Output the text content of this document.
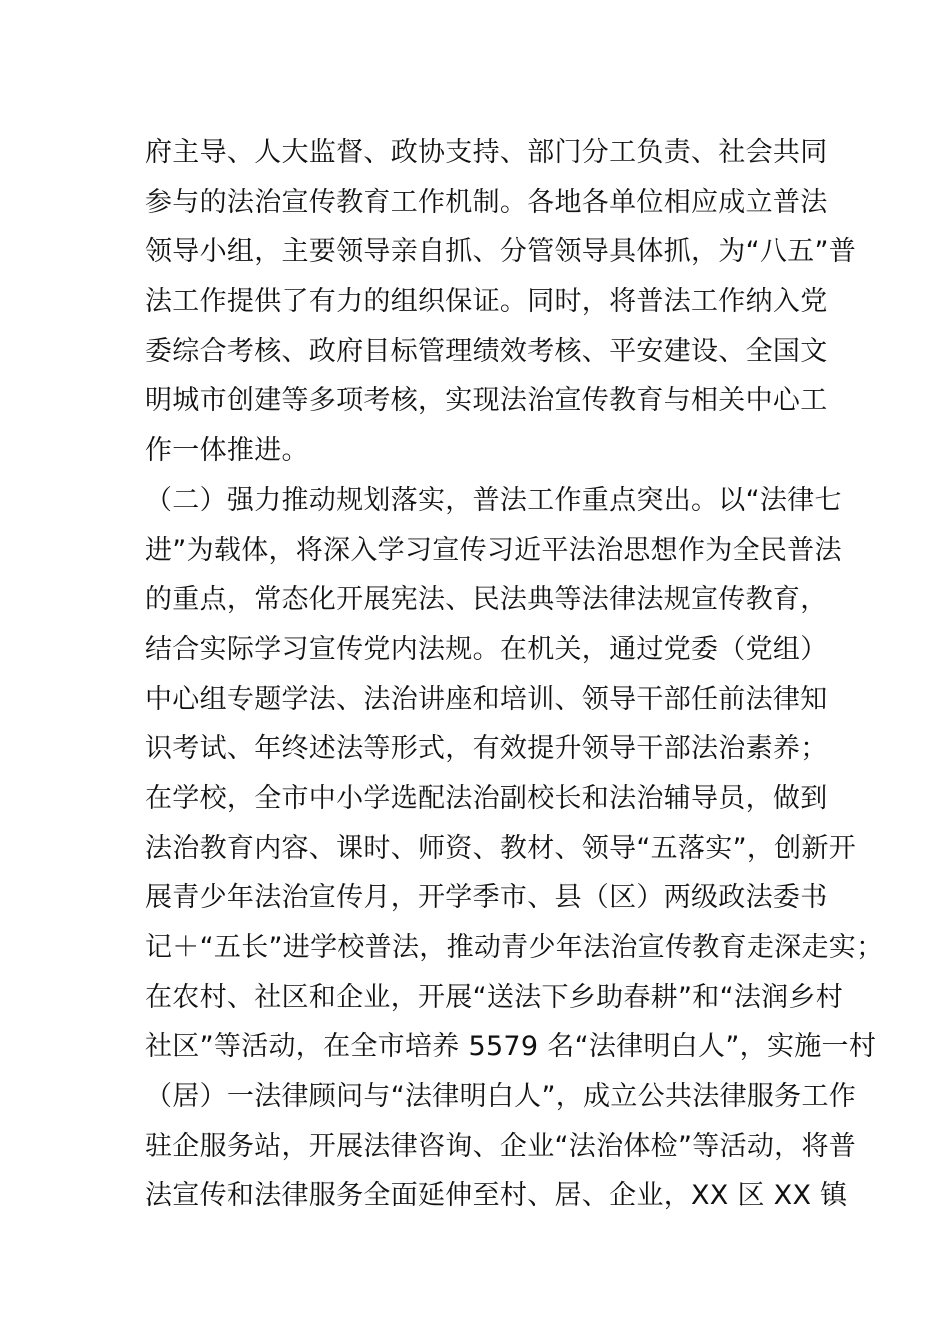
府主导、人大监督、政协支持、部门分工负责、社会共同
参与的法治宣传教育工作机制。各地各单位相应成立普法
领导小组，主要领导亲自抓、分管领导具体抓，为“八五”普
法工作提供了有力的组织保证。同时，将普法工作纳入党
委综合考核、政府目标管理绩效考核、平安建设、全国文
明城市创建等多项考核，实现法治宣传教育与相关中心工
作一体推进。
（二）强力推动规划落实，普法工作重点突出。以“法律七
进”为载体，将深入学习宣传习近平法治思想作为全民普法
的重点，常态化开展宪法、民法典等法律法规宣传教育，
结合实际学习宣传党内法规。在机关，通过党委（党组）
中心组专题学法、法治讲座和培训、领导干部任前法律知
识考试、年终述法等形式，有效提升领导干部法治素养；
在学校，全市中小学选配法治副校长和法治辅导员，做到
法治教育内容、课时、师资、教材、领导“五落实”，创新开
展青少年法治宣传月，开学季市、县（区）两级政法委书
记＋“五长”进学校普法，推动青少年法治宣传教育走深走实；
在农村、社区和企业，开展“送法下乡助春耕”和“法润乡村
社区”等活动，在全市培养 5579 名“法律明白人”，实施一村
（居）一法律顾问与“法律明白人”，成立公共法律服务工作
驻企服务站，开展法律咨询、企业“法治体检”等活动，将普
法宣传和法律服务全面延伸至村、居、企业，XX 区 XX 镇
